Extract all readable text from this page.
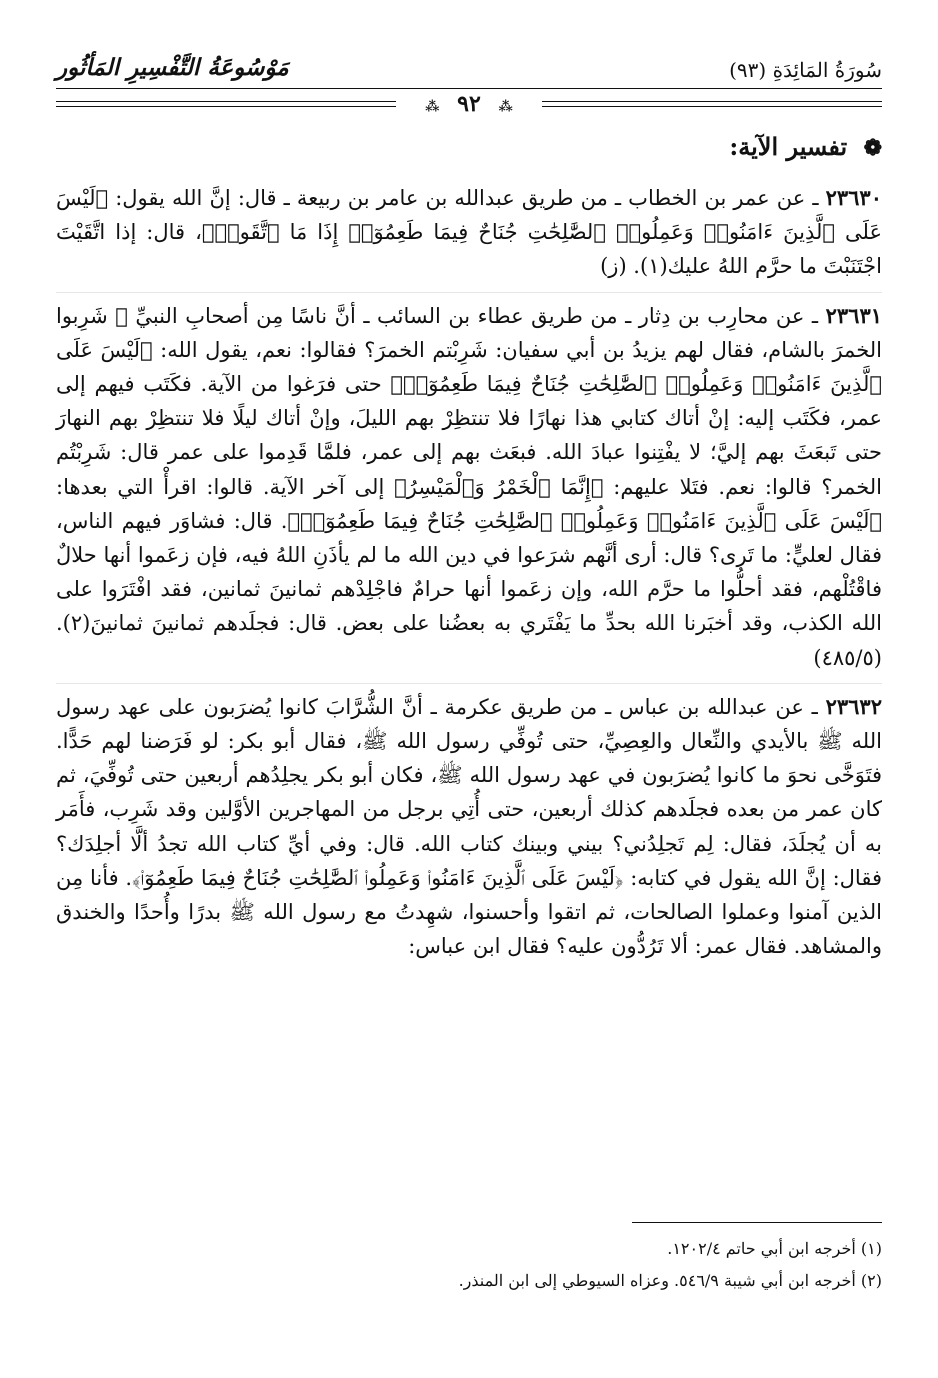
مَوْسُوعَةُ التَّفْسِيرِ المَأثُور	سُورَةُ المَائِدَةِ (٩٣)
⁂ ٩٢ ⁂
❁ تفسير الآية:

٢٣٦٣٠ ـ عن عمر بن الخطاب ـ من طريق عبدالله بن عامر بن ربيعة ـ قال: إنَّ الله يقول: ﴿لَيْسَ عَلَى ٱلَّذِينَ ءَامَنُوا۟ وَعَمِلُوا۟ ٱلصَّٰلِحَٰتِ جُنَاحٌ فِيمَا طَعِمُوٓا۟ إِذَا مَا ٱتَّقَوا۟﴾، قال: إذا اتَّقَيْتَ اجْتَنَبْتَ ما حرَّم اللهُ عليك(١). (ز)

٢٣٦٣١ ـ عن محارِب بن دِثار ـ من طريق عطاء بن السائب ـ أنَّ ناسًا مِن أصحابِ النبيِّ ﷺ شَرِبوا الخمرَ بالشام، فقال لهم يزيدُ بن أبي سفيان: شَرِبْتم الخمرَ؟ فقالوا: نعم، يقول الله: ﴿لَيْسَ عَلَى ٱلَّذِينَ ءَامَنُوا۟ وَعَمِلُوا۟ ٱلصَّٰلِحَٰتِ جُنَاحٌ فِيمَا طَعِمُوٓا۟﴾ حتى فرَغوا من الآية. فكَتَب فيهم إلى عمر، فكَتَب إليه: إنْ أتاك كتابي هذا نهارًا فلا تنتظِرْ بهم الليلَ، وإنْ أتاك ليلًا فلا تنتظِرْ بهم النهارَ حتى تَبعَثَ بهم إليَّ؛ لا يفْتِنوا عبادَ الله. فبعَث بهم إلى عمر، فلمَّا قَدِموا على عمر قال: شَرِبْتُم الخمر؟ قالوا: نعم. فتَلا عليهم: ﴿إِنَّمَا ٱلْخَمْرُ وَٱلْمَيْسِرُ﴾ إلى آخر الآية. قالوا: اقرأْ التي بعدها: ﴿لَيْسَ عَلَى ٱلَّذِينَ ءَامَنُوا۟ وَعَمِلُوا۟ ٱلصَّٰلِحَٰتِ جُنَاحٌ فِيمَا طَعِمُوٓا۟﴾. قال: فشاوَر فيهم الناس، فقال لعليٍّ: ما تَرى؟ قال: أرى أنَّهم شرَعوا في دين الله ما لم يأذَنِ اللهُ فيه، فإن زعَموا أنها حلالٌ فاقْتُلْهم، فقد أحلُّوا ما حرَّم الله، وإن زعَموا أنها حرامٌ فاجْلِدْهم ثمانينَ ثمانين، فقد افْتَرَوا على الله الكذب، وقد أخبَرنا الله بحدِّ ما يَفْتَري به بعضُنا على بعض. قال: فجلَدهم ثمانينَ ثمانينَ(٢). (٤٨٥/٥)

٢٣٦٣٢ ـ عن عبدالله بن عباس ـ من طريق عكرمة ـ أنَّ الشُّرَّابَ كانوا يُضرَبون على عهد رسول الله ﷺ بالأيدي والنِّعال والعِصِيِّ، حتى تُوفِّي رسول الله ﷺ، فقال أبو بكر: لو فَرَضنا لهم حَدًّا. فتَوَخَّى نحوَ ما كانوا يُضرَبون في عهد رسول الله ﷺ، فكان أبو بكر يجلِدُهم أربعين حتى تُوفِّيَ، ثم كان عمر من بعده فجلَدهم كذلك أربعين، حتى أُتِي برجل من المهاجرين الأوَّلين وقد شَرِب، فأَمَر به أن يُجلَدَ، فقال: لِم تَجلِدُني؟ بيني وبينك كتاب الله. قال: وفي أيِّ كتاب الله تجدُ ألَّا أجلِدَك؟ فقال: إنَّ الله يقول في كتابه: ﴿لَيْسَ عَلَى ٱلَّذِينَ ءَامَنُوا۟ وَعَمِلُوا۟ ٱلصَّٰلِحَٰتِ جُنَاحٌ فِيمَا طَعِمُوٓا۟﴾. فأنا مِن الذين آمنوا وعملوا الصالحات، ثم اتقوا وأحسنوا، شهِدتُ مع رسول الله ﷺ بدرًا وأُحدًا والخندق والمشاهد. فقال عمر: ألا تَرُدُّون عليه؟ فقال ابن عباس:

(١) أخرجه ابن أبي حاتم ١٢٠٢/٤.
(٢) أخرجه ابن أبي شيبة ٥٤٦/٩. وعزاه السيوطي إلى ابن المنذر.
